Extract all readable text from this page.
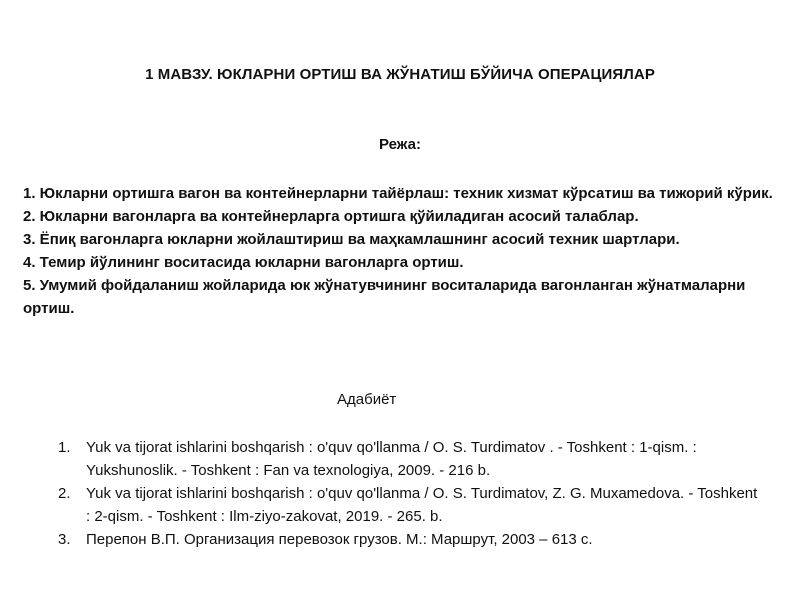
1 МАВЗУ. ЮКЛАРНИ ОРТИШ ВА ЖЎНАТИШ БЎЙИЧА ОПЕРАЦИЯЛАР
Режа:
1. Юкларни ортишга вагон ва контейнерларни тайёрлаш: техник хизмат кўрсатиш ва тижорий кўрик.
2. Юкларни вагонларга ва контейнерларга ортишга қўйиладиган асосий талаблар.
3. Ёпиқ вагонларга юкларни жойлаштириш ва маҳкамлашнинг асосий техник шартлари.
4. Темир йўлининг воситасида юкларни вагонларга ортиш.
5. Умумий фойдаланиш жойларида юк жўнатувчининг воситаларида вагонланган жўнатмаларни ортиш.
Адабиёт
1.	Yuk va tijorat ishlarini boshqarish : o'quv qo'llanma / O. S. Turdimatov . - Toshkent : 1-qism. : Yukshunoslik. - Toshkent : Fan va texnologiya, 2009. - 216 b.
2.	Yuk va tijorat ishlarini boshqarish : o'quv qo'llanma / O. S. Turdimatov, Z. G. Muxamedova. - Toshkent : 2-qism. - Toshkent : Ilm-ziyo-zakovat, 2019. - 265. b.
3.	Перепон В.П. Организация перевозок грузов. М.: Маршрут, 2003 – 613 с.
